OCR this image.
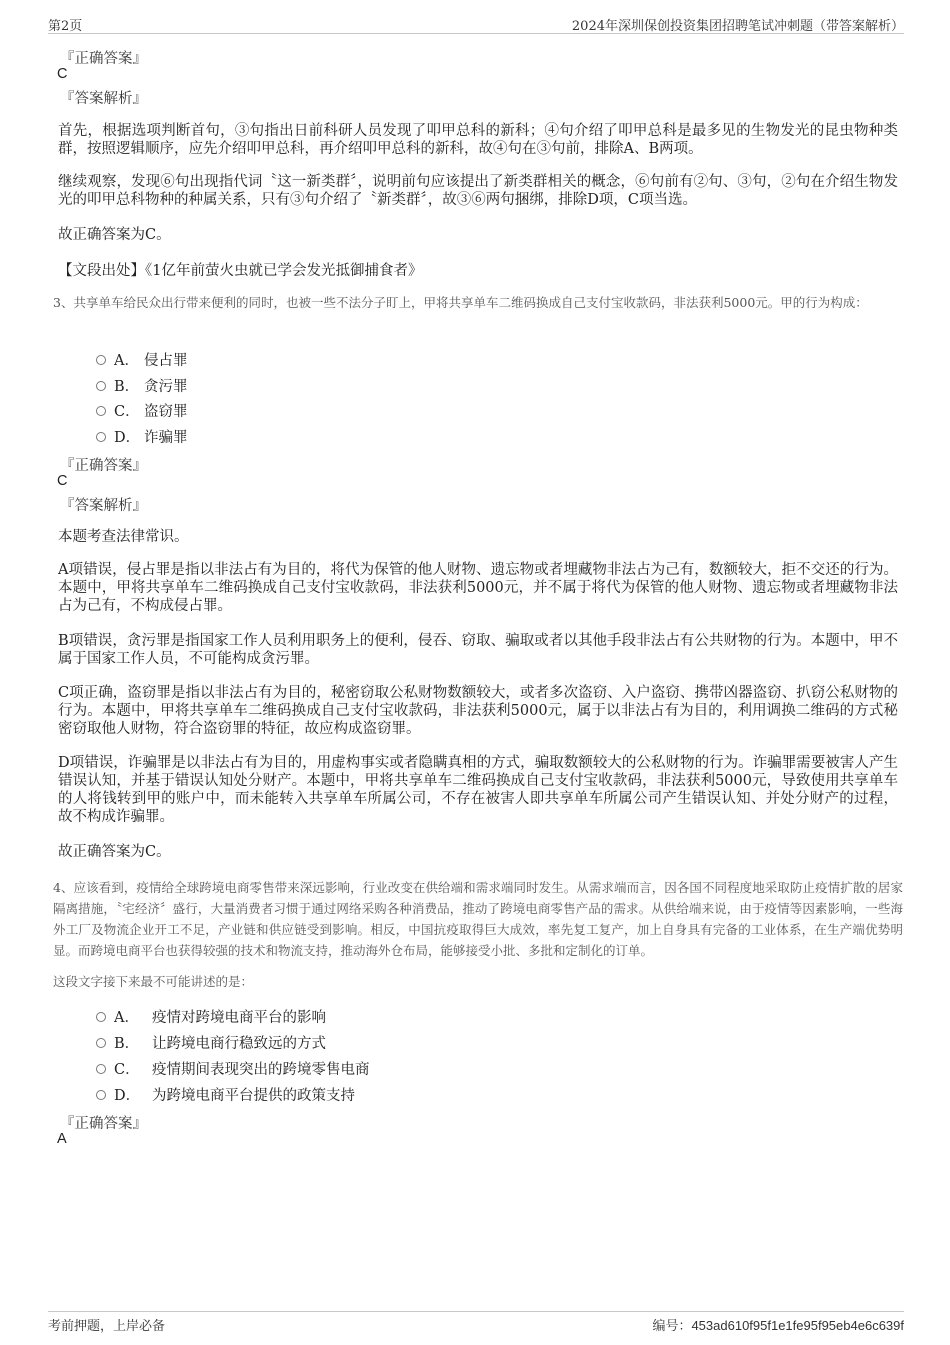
第2页	2024年深圳保创投资集团招聘笔试冲刺题（带答案解析）
『正确答案』
C
『答案解析』

首先，根据选项判断首句，③句指出日前科研人员发现了叩甲总科的新科；④句介绍了叩甲总科是最多见的生物发光的昆虫物种类群，按照逻辑顺序，应先介绍叩甲总科，再介绍叩甲总科的新科，故④句在③句前，排除A、B两项。

继续观察，发现⑥句出现指代词〝这一新类群〞，说明前句应该提出了新类群相关的概念，⑥句前有②句、③句，②句在介绍生物发光的叩甲总科物种的种属关系，只有③句介绍了〝新类群〞，故③⑥两句捆绑，排除D项，C项当选。

故正确答案为C。

【文段出处】《1亿年前萤火虫就已学会发光抵御捕食者》

3、共享单车给民众出行带来便利的同时，也被一些不法分子盯上，甲将共享单车二维码换成自己支付宝收款码，非法获利5000元。甲的行为构成：

A． 侵占罪
B． 贪污罪
C． 盗窃罪
D． 诈骗罪
『正确答案』
C
『答案解析』

本题考查法律常识。

A项错误，侵占罪是指以非法占有为目的，将代为保管的他人财物、遗忘物或者埋藏物非法占为己有，数额较大，拒不交还的行为。本题中，甲将共享单车二维码换成自己支付宝收款码，非法获利5000元，并不属于将代为保管的他人财物、遗忘物或者埋藏物非法占为己有，不构成侵占罪。

B项错误，贪污罪是指国家工作人员利用职务上的便利，侵吞、窃取、骗取或者以其他手段非法占有公共财物的行为。本题中，甲不属于国家工作人员，不可能构成贪污罪。

C项正确，盗窃罪是指以非法占有为目的，秘密窃取公私财物数额较大，或者多次盗窃、入户盗窃、携带凶器盗窃、扒窃公私财物的行为。本题中，甲将共享单车二维码换成自己支付宝收款码，非法获利5000元，属于以非法占有为目的，利用调换二维码的方式秘密窃取他人财物，符合盗窃罪的特征，故应构成盗窃罪。

D项错误，诈骗罪是以非法占有为目的，用虚构事实或者隐瞒真相的方式，骗取数额较大的公私财物的行为。诈骗罪需要被害人产生错误认知，并基于错误认知处分财产。本题中，甲将共享单车二维码换成自己支付宝收款码，非法获利5000元，导致使用共享单车的人将钱转到甲的账户中，而未能转入共享单车所属公司，不存在被害人即共享单车所属公司产生错误认知、并处分财产的过程，故不构成诈骗罪。

故正确答案为C。

4、应该看到，疫情给全球跨境电商零售带来深远影响，行业改变在供给端和需求端同时发生。从需求端而言，因各国不同程度地采取防止疫情扩散的居家隔离措施，〝宅经济〞盛行，大量消费者习惯于通过网络采购各种消费品，推动了跨境电商零售产品的需求。从供给端来说，由于疫情等因素影响，一些海外工厂及物流企业开工不足，产业链和供应链受到影响。相反，中国抗疫取得巨大成效，率先复工复产，加上自身具有完备的工业体系，在生产端优势明显。而跨境电商平台也获得较强的技术和物流支持，推动海外仓布局，能够接受小批、多批和定制化的订单。

这段文字接下来最不可能讲述的是：

A． 疫情对跨境电商平台的影响
B． 让跨境电商行稳致远的方式
C． 疫情期间表现突出的跨境零售电商
D． 为跨境电商平台提供的政策支持
『正确答案』
A
考前押题，上岸必备	编号：453ad610f95f1e1fe95f95eb4e6c639f
